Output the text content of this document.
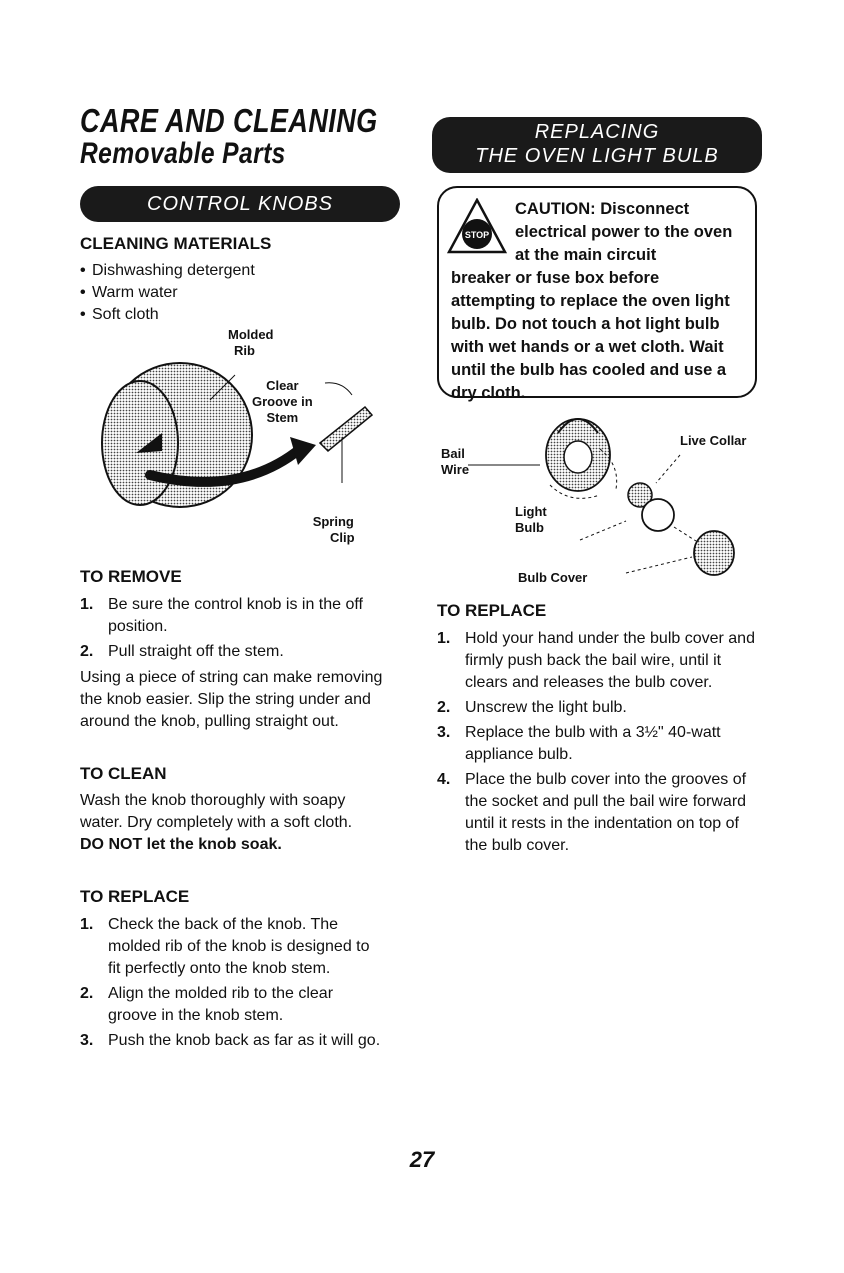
CARE AND CLEANING
Removable Parts
CONTROL KNOBS
CLEANING MATERIALS
• Dishwashing detergent
• Warm water
• Soft cloth
Molded
Rib
Clear
Groove in
Stem
Spring
Clip
TO REMOVE
1. Be sure the control knob is in the off position.
2. Pull straight off the stem.
Using a piece of string can make removing the knob easier. Slip the string under and around the knob, pulling straight out.
TO CLEAN
Wash the knob thoroughly with soapy water. Dry completely with a soft cloth. DO NOT let the knob soak.
TO REPLACE
1. Check the back of the knob. The molded rib of the knob is designed to fit perfectly onto the knob stem.
2. Align the molded rib to the clear groove in the knob stem.
3. Push the knob back as far as it will go.
REPLACING
THE OVEN LIGHT BULB
STOP
CAUTION: Disconnect electrical power to the oven at the main circuit
breaker or fuse box before attempting to replace the oven light bulb. Do not touch a hot light bulb with wet hands or a wet cloth. Wait until the bulb has cooled and use a dry cloth.
Bail
Wire
Live Collar
Light
Bulb
Bulb Cover
TO REPLACE
1. Hold your hand under the bulb cover and firmly push back the bail wire, until it clears and releases the bulb cover.
2. Unscrew the light bulb.
3. Replace the bulb with a 3½" 40-watt appliance bulb.
4. Place the bulb cover into the grooves of the socket and pull the bail wire forward until it rests in the indentation on top of the bulb cover.
27
